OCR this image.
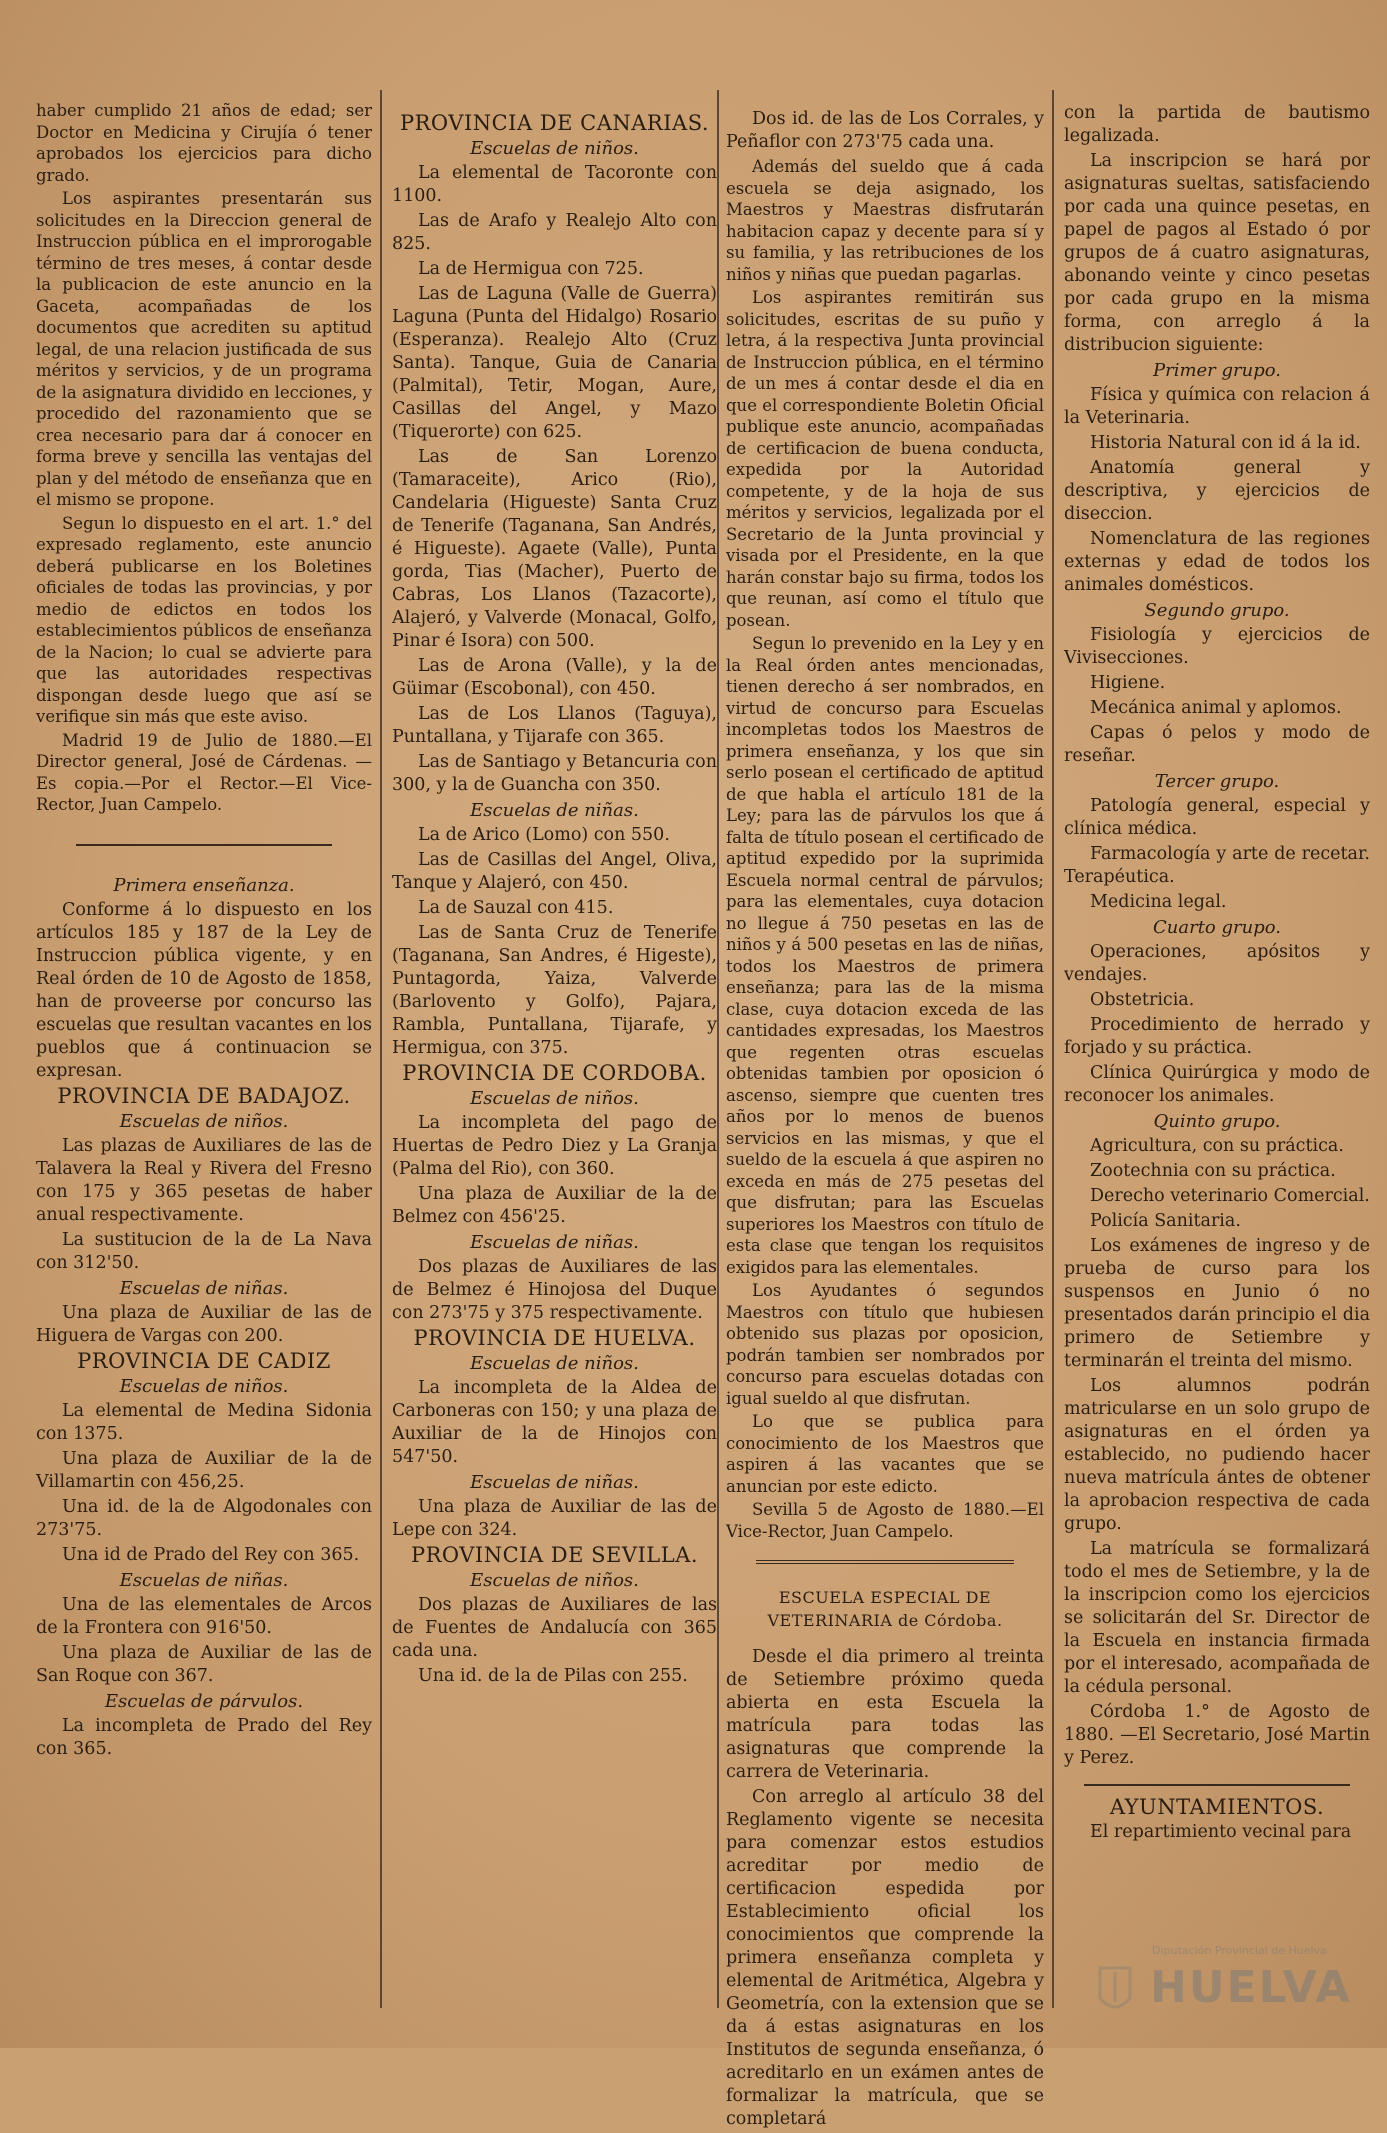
haber cumplido 21 años de edad; ser Doctor en Medicina y Cirujía ó tener aprobados los ejercicios para dicho grado.

Los aspirantes presentarán sus solicitudes en la Direccion general de Instruccion pública en el improrogable término de tres meses, á contar desde la publicacion de este anuncio en la Gaceta, acompañadas de los documentos que acrediten su aptitud legal, de una relacion justificada de sus méritos y servicios, y de un programa de la asignatura dividido en lecciones, y procedido del razonamiento que se crea necesario para dar á conocer en forma breve y sencilla las ventajas del plan y del método de enseñanza que en el mismo se propone.

Segun lo dispuesto en el art. 1.° del expresado reglamento, este anuncio deberá publicarse en los Boletines oficiales de todas las provincias, y por medio de edictos en todos los establecimientos públicos de enseñanza de la Nacion; lo cual se advierte para que las autoridades respectivas dispongan desde luego que así se verifique sin más que este aviso.

Madrid 19 de Julio de 1880.—El Director general, José de Cárdenas. —Es copia.—Por el Rector.—El Vice-Rector, Juan Campelo.

Primera enseñanza.

Conforme á lo dispuesto en los artículos 185 y 187 de la Ley de Instruccion pública vigente, y en Real órden de 10 de Agosto de 1858, han de proveerse por concurso las escuelas que resultan vacantes en los pueblos que á continuacion se expresan.

PROVINCIA DE BADAJOZ.

Escuelas de niños.

Las plazas de Auxiliares de las de Talavera la Real y Rivera del Fresno con 175 y 365 pesetas de haber anual respectivamente.

La sustitucion de la de La Nava con 312'50.

Escuelas de niñas.

Una plaza de Auxiliar de las de Higuera de Vargas con 200.

PROVINCIA DE CADIZ

Escuelas de niños.

La elemental de Medina Sidonia con 1375.

Una plaza de Auxiliar de la de Villamartin con 456,25.

Una id. de la de Algodonales con 273'75.

Una id de Prado del Rey con 365.

Escuelas de niñas.

Una de las elementales de Arcos de la Frontera con 916'50.

Una plaza de Auxiliar de las de San Roque con 367.

Escuelas de párvulos.

La incompleta de Prado del Rey con 365.

PROVINCIA DE CANARIAS.

Escuelas de niños.

La elemental de Tacoronte con 1100.

Las de Arafo y Realejo Alto con 825.

La de Hermigua con 725.

Las de Laguna (Valle de Guerra) Laguna (Punta del Hidalgo) Rosario (Esperanza). Realejo Alto (Cruz Santa). Tanque, Guia de Canaria (Palmital), Tetir, Mogan, Aure, Casillas del Angel, y Mazo (Tiquerorte) con 625.

Las de San Lorenzo (Tamaraceite), Arico (Rio), Candelaria (Higueste) Santa Cruz de Tenerife (Taganana, San Andrés, é Higueste). Agaete (Valle), Punta gorda, Tias (Macher), Puerto de Cabras, Los Llanos (Tazacorte), Alajeró, y Valverde (Monacal, Golfo, Pinar é Isora) con 500.

Las de Arona (Valle), y la de Güimar (Escobonal), con 450.

Las de Los Llanos (Taguya), Puntallana, y Tijarafe con 365.

Las de Santiago y Betancuria con 300, y la de Guancha con 350.

Escuelas de niñas.

La de Arico (Lomo) con 550.

Las de Casillas del Angel, Oliva, Tanque y Alajeró, con 450.

La de Sauzal con 415.

Las de Santa Cruz de Tenerife (Taganana, San Andres, é Higeste), Puntagorda, Yaiza, Valverde (Barlovento y Golfo), Pajara, Rambla, Puntallana, Tijarafe, y Hermigua, con 375.

PROVINCIA DE CORDOBA.

Escuelas de niños.

La incompleta del pago de Huertas de Pedro Diez y La Granja (Palma del Rio), con 360.

Una plaza de Auxiliar de la de Belmez con 456'25.

Escuelas de niñas.

Dos plazas de Auxiliares de las de Belmez é Hinojosa del Duque con 273'75 y 375 respectivamente.

PROVINCIA DE HUELVA.

Escuelas de niños.

La incompleta de la Aldea de Carboneras con 150; y una plaza de Auxiliar de la de Hinojos con 547'50.

Escuelas de niñas.

Una plaza de Auxiliar de las de Lepe con 324.

PROVINCIA DE SEVILLA.

Escuelas de niños.

Dos plazas de Auxiliares de las de Fuentes de Andalucía con 365 cada una.

Una id. de la de Pilas con 255.

Dos id. de las de Los Corrales, y Peñaflor con 273'75 cada una.

Además del sueldo que á cada escuela se deja asignado, los Maestros y Maestras disfrutarán habitacion capaz y decente para sí y su familia, y las retribuciones de los niños y niñas que puedan pagarlas.

Los aspirantes remitirán sus solicitudes, escritas de su puño y letra, á la respectiva Junta provincial de Instruccion pública, en el término de un mes á contar desde el dia en que el correspondiente Boletin Oficial publique este anuncio, acompañadas de certificacion de buena conducta, expedida por la Autoridad competente, y de la hoja de sus méritos y servicios, legalizada por el Secretario de la Junta provincial y visada por el Presidente, en la que harán constar bajo su firma, todos los que reunan, así como el título que posean.

Segun lo prevenido en la Ley y en la Real órden antes mencionadas, tienen derecho á ser nombrados, en virtud de concurso para Escuelas incompletas todos los Maestros de primera enseñanza, y los que sin serlo posean el certificado de aptitud de que habla el artículo 181 de la Ley; para las de párvulos los que á falta de título posean el certificado de aptitud expedido por la suprimida Escuela normal central de párvulos; para las elementales, cuya dotacion no llegue á 750 pesetas en las de niños y á 500 pesetas en las de niñas, todos los Maestros de primera enseñanza; para las de la misma clase, cuya dotacion exceda de las cantidades expresadas, los Maestros que regenten otras escuelas obtenidas tambien por oposicion ó ascenso, siempre que cuenten tres años por lo menos de buenos servicios en las mismas, y que el sueldo de la escuela á que aspiren no exceda en más de 275 pesetas del que disfrutan; para las Escuelas superiores los Maestros con título de esta clase que tengan los requisitos exigidos para las elementales.

Los Ayudantes ó segundos Maestros con título que hubiesen obtenido sus plazas por oposicion, podrán tambien ser nombrados por concurso para escuelas dotadas con igual sueldo al que disfrutan.

Lo que se publica para conocimiento de los Maestros que aspiren á las vacantes que se anuncian por este edicto.

Sevilla 5 de Agosto de 1880.—El Vice-Rector, Juan Campelo.

ESCUELA ESPECIAL DE VETERINARIA de Córdoba.

Desde el dia primero al treinta de Setiembre próximo queda abierta en esta Escuela la matrícula para todas las asignaturas que comprende la carrera de Veterinaria.

Con arreglo al artículo 38 del Reglamento vigente se necesita para comenzar estos estudios acreditar por medio de certificacion espedida por Establecimiento oficial los conocimientos que comprende la primera enseñanza completa y elemental de Aritmética, Algebra y Geometría, con la extension que se da á estas asignaturas en los Institutos de segunda enseñanza, ó acreditarlo en un exámen antes de formalizar la matrícula, que se completará

con la partida de bautismo legalizada.

La inscripcion se hará por asignaturas sueltas, satisfaciendo por cada una quince pesetas, en papel de pagos al Estado ó por grupos de á cuatro asignaturas, abonando veinte y cinco pesetas por cada grupo en la misma forma, con arreglo á la distribucion siguiente:

Primer grupo.

Física y química con relacion á la Veterinaria.

Historia Natural con id á la id.

Anatomía general y descriptiva, y ejercicios de diseccion.

Nomenclatura de las regiones externas y edad de todos los animales domésticos.

Segundo grupo.

Fisiología y ejercicios de Vivisecciones.

Higiene.

Mecánica animal y aplomos.

Capas ó pelos y modo de reseñar.

Tercer grupo.

Patología general, especial y clínica médica.

Farmacología y arte de recetar. Terapéutica.

Medicina legal.

Cuarto grupo.

Operaciones, apósitos y vendajes.

Obstetricia.

Procedimiento de herrado y forjado y su práctica.

Clínica Quirúrgica y modo de reconocer los animales.

Quinto grupo.

Agricultura, con su práctica.

Zootechnia con su práctica.

Derecho veterinario Comercial.

Policía Sanitaria.

Los exámenes de ingreso y de prueba de curso para los suspensos en Junio ó no presentados darán principio el dia primero de Setiembre y terminarán el treinta del mismo.

Los alumnos podrán matricularse en un solo grupo de asignaturas en el órden ya establecido, no pudiendo hacer nueva matrícula ántes de obtener la aprobacion respectiva de cada grupo.

La matrícula se formalizará todo el mes de Setiembre, y la de la inscripcion como los ejercicios se solicitarán del Sr. Director de la Escuela en instancia firmada por el interesado, acompañada de la cédula personal.

Córdoba 1.° de Agosto de 1880. —El Secretario, José Martin y Perez.

AYUNTAMIENTOS.

El repartimiento vecinal para

Diputación Provincial de Huelva
HUELVA
